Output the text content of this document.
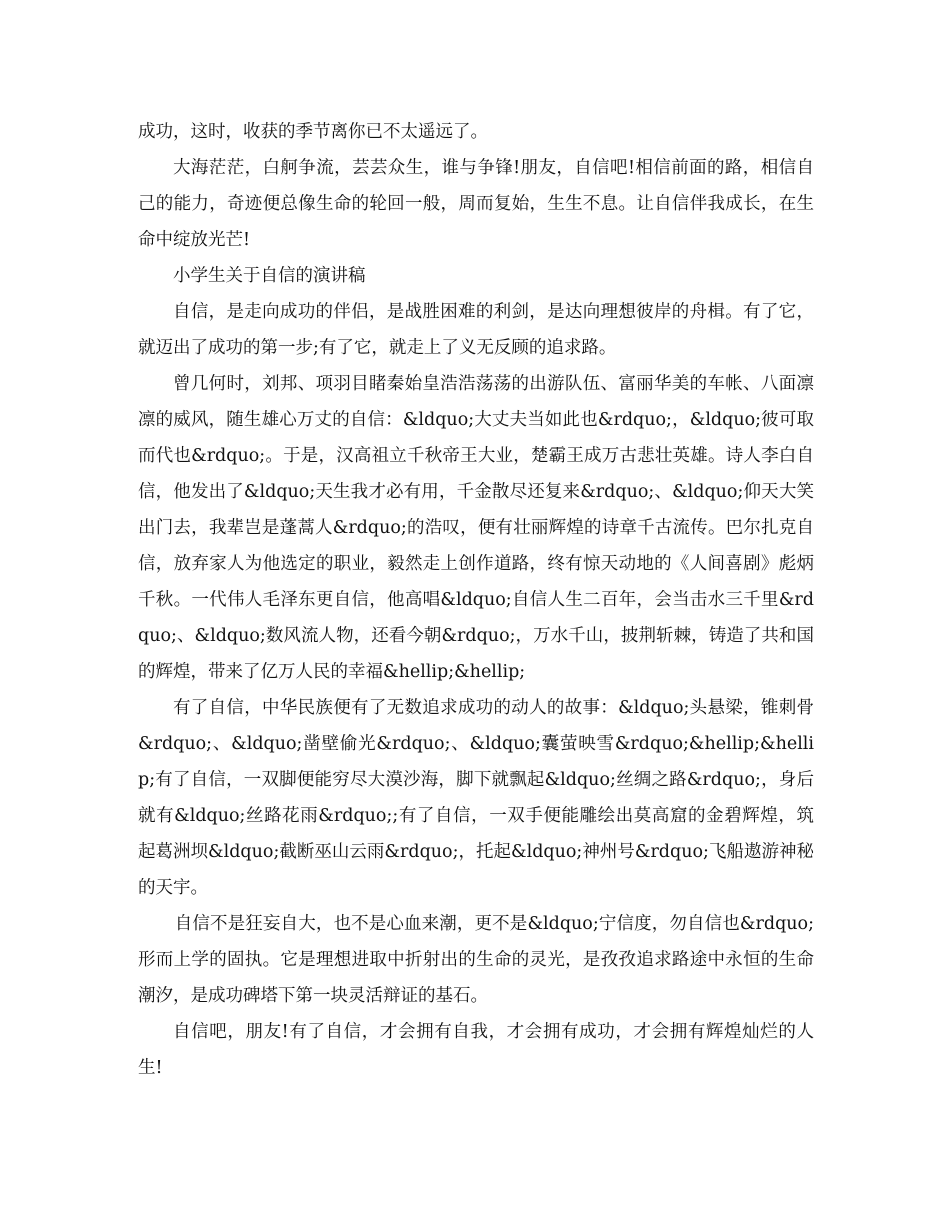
成功，这时，收获的季节离你已不太遥远了。

大海茫茫，白舸争流，芸芸众生，谁与争锋!朋友，自信吧!相信前面的路，相信自己的能力，奇迹便总像生命的轮回一般，周而复始，生生不息。让自信伴我成长，在生命中绽放光芒!

小学生关于自信的演讲稿

自信，是走向成功的伴侣，是战胜困难的利剑，是达向理想彼岸的舟楫。有了它，就迈出了成功的第一步;有了它，就走上了义无反顾的追求路。

曾几何时，刘邦、项羽目睹秦始皇浩浩荡荡的出游队伍、富丽华美的车帐、八面凛凛的威风，随生雄心万丈的自信：&ldquo;大丈夫当如此也&rdquo;，&ldquo;彼可取而代也&rdquo;。于是，汉高祖立千秋帝王大业，楚霸王成万古悲壮英雄。诗人李白自信，他发出了&ldquo;天生我才必有用，千金散尽还复来&rdquo;、&ldquo;仰天大笑出门去，我辈岂是蓬蒿人&rdquo;的浩叹，便有壮丽辉煌的诗章千古流传。巴尔扎克自信，放弃家人为他选定的职业，毅然走上创作道路，终有惊天动地的《人间喜剧》彪炳千秋。一代伟人毛泽东更自信，他高唱&ldquo;自信人生二百年，会当击水三千里&rdquo;、&ldquo;数风流人物，还看今朝&rdquo;，万水千山，披荆斩棘，铸造了共和国的辉煌，带来了亿万人民的幸福&hellip;&hellip;

有了自信，中华民族便有了无数追求成功的动人的故事：&ldquo;头悬梁，锥刺骨&rdquo;、&ldquo;凿壁偷光&rdquo;、&ldquo;囊萤映雪&rdquo;&hellip;&hellip;有了自信，一双脚便能穷尽大漠沙海，脚下就飘起&ldquo;丝绸之路&rdquo;，身后就有&ldquo;丝路花雨&rdquo;;有了自信，一双手便能雕绘出莫高窟的金碧辉煌，筑起葛洲坝&ldquo;截断巫山云雨&rdquo;，托起&ldquo;神州号&rdquo;飞船遨游神秘的天宇。

自信不是狂妄自大，也不是心血来潮，更不是&ldquo;宁信度，勿自信也&rdquo;形而上学的固执。它是理想进取中折射出的生命的灵光，是孜孜追求路途中永恒的生命潮汐，是成功碑塔下第一块灵活辩证的基石。

自信吧，朋友!有了自信，才会拥有自我，才会拥有成功，才会拥有辉煌灿烂的人生!
